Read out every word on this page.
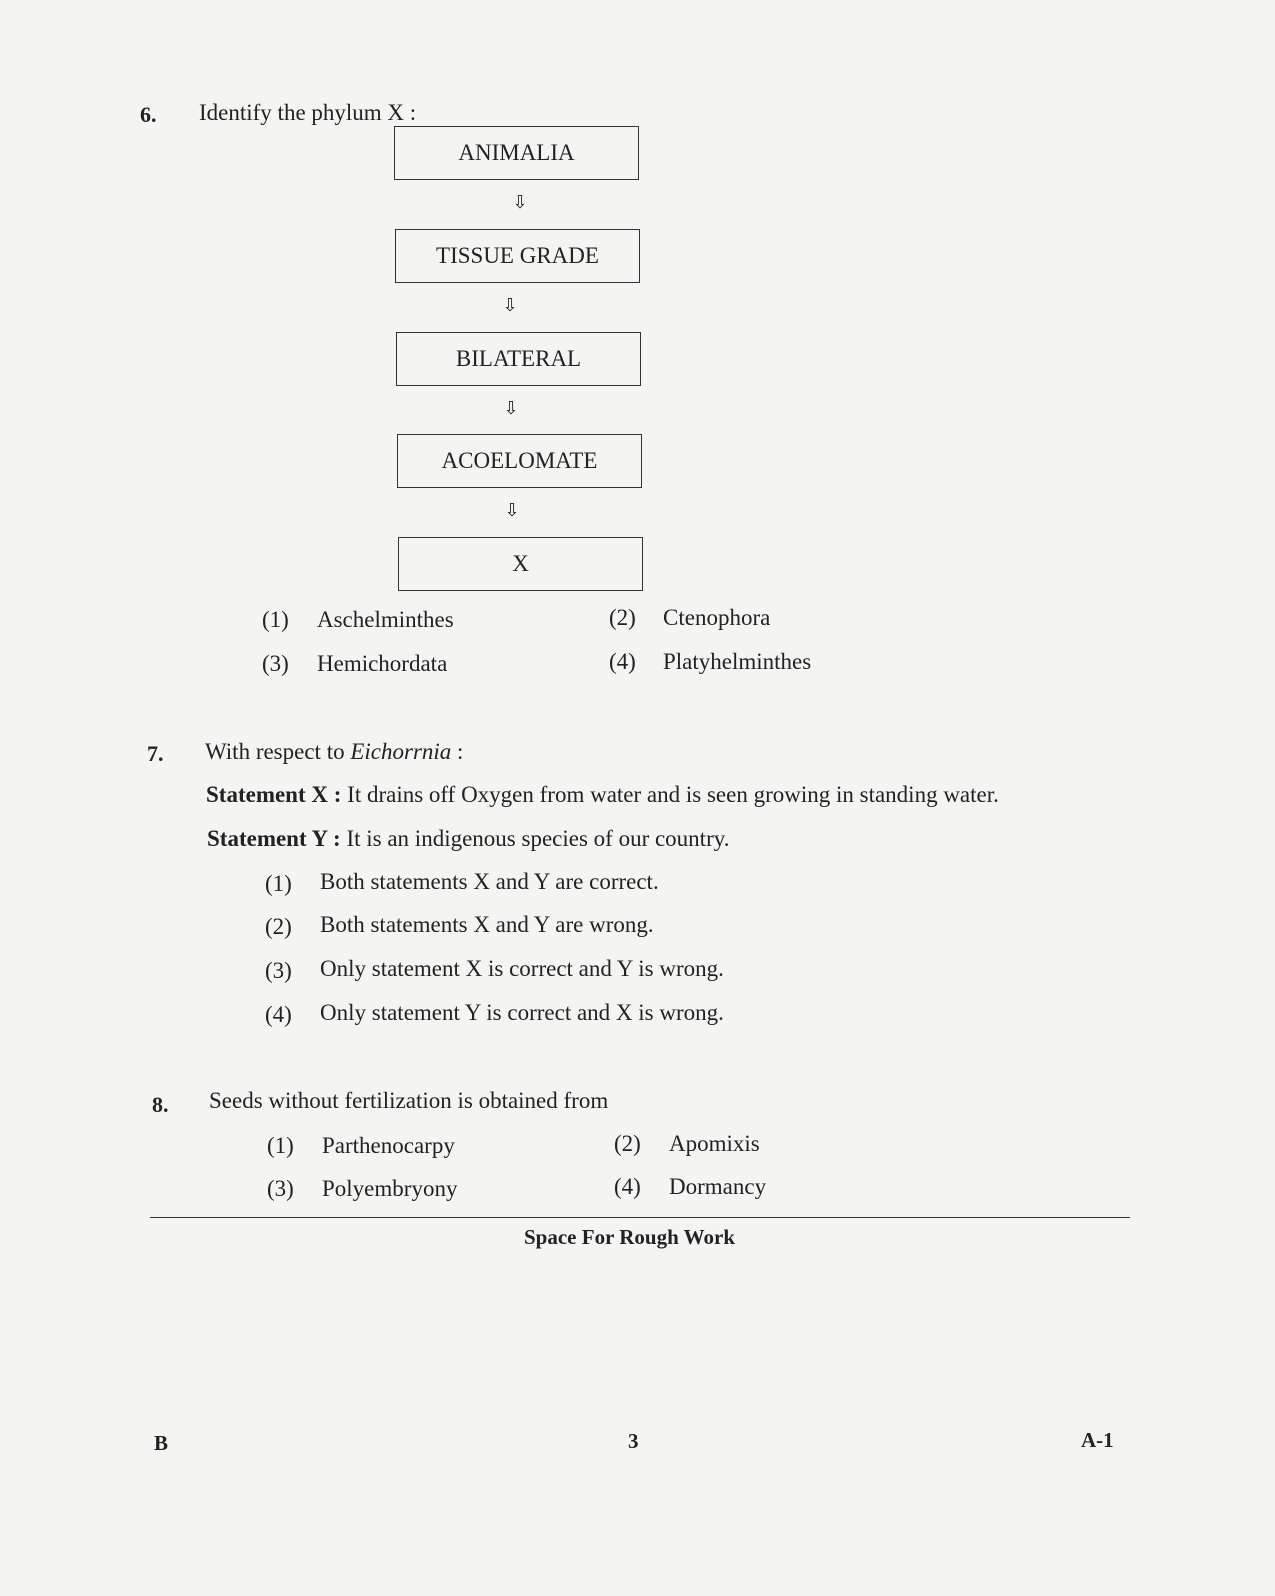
6. Identify the phylum X :
ANIMALIA
⇩
TISSUE GRADE
⇩
BILATERAL
⇩
ACOELOMATE
⇩
X
(1) Aschelminthes	(2) Ctenophora
(3) Hemichordata	(4) Platyhelminthes
7. With respect to Eichorrnia :
Statement X : It drains off Oxygen from water and is seen growing in standing water.
Statement Y : It is an indigenous species of our country.
(1) Both statements X and Y are correct.
(2) Both statements X and Y are wrong.
(3) Only statement X is correct and Y is wrong.
(4) Only statement Y is correct and X is wrong.
8. Seeds without fertilization is obtained from
(1) Parthenocarpy	(2) Apomixis
(3) Polyembryony	(4) Dormancy
Space For Rough Work
B	3	A-1
